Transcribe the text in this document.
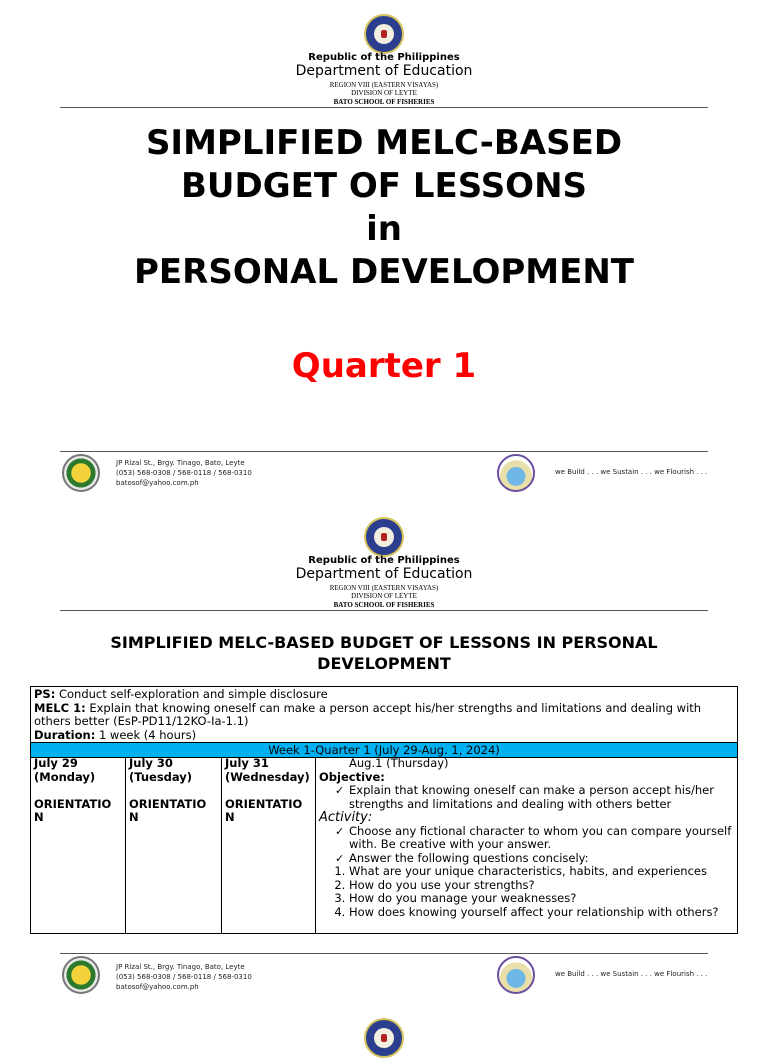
Republic of the Philippines
Department of Education
REGION VIII (EASTERN VISAYAS)
DIVISION OF LEYTE
BATO SCHOOL OF FISHERIES
SIMPLIFIED MELC-BASED
BUDGET OF LESSONS
in
PERSONAL DEVELOPMENT
Quarter 1
JP Rizal St., Brgy. Tinago, Bato, Leyte
(053) 568-0308 / 568-0118 / 568-0310
batosof@yahoo.com.ph
we Build . . . we Sustain . . . we Flourish . . .
Republic of the Philippines
Department of Education
REGION VIII (EASTERN VISAYAS)
DIVISION OF LEYTE
BATO SCHOOL OF FISHERIES
SIMPLIFIED MELC-BASED BUDGET OF LESSONS IN PERSONAL
DEVELOPMENT
PS: Conduct self-exploration and simple disclosure
MELC 1: Explain that knowing oneself can make a person accept his/her strengths and limitations and dealing with
others better (EsP-PD11/12KO-Ia-1.1)
Duration: 1 week (4 hours)
Week 1-Quarter 1 (July 29-Aug. 1, 2024)
July 29
(Monday)
ORIENTATIO
N
July 30
(Tuesday)
ORIENTATIO
N
July 31
(Wednesday)
ORIENTATIO
N
Aug.1 (Thursday)
Objective:
✓ Explain that knowing oneself can make a person accept his/her strengths and limitations and dealing with others better
Activity:
✓ Choose any fictional character to whom you can compare yourself with. Be creative with your answer.
✓ Answer the following questions concisely:
1. What are your unique characteristics, habits, and experiences
2. How do you use your strengths?
3. How do you manage your weaknesses?
4. How does knowing yourself affect your relationship with others?
JP Rizal St., Brgy. Tinago, Bato, Leyte
(053) 568-0308 / 568-0118 / 568-0310
batosof@yahoo.com.ph
we Build . . . we Sustain . . . we Flourish . . .
